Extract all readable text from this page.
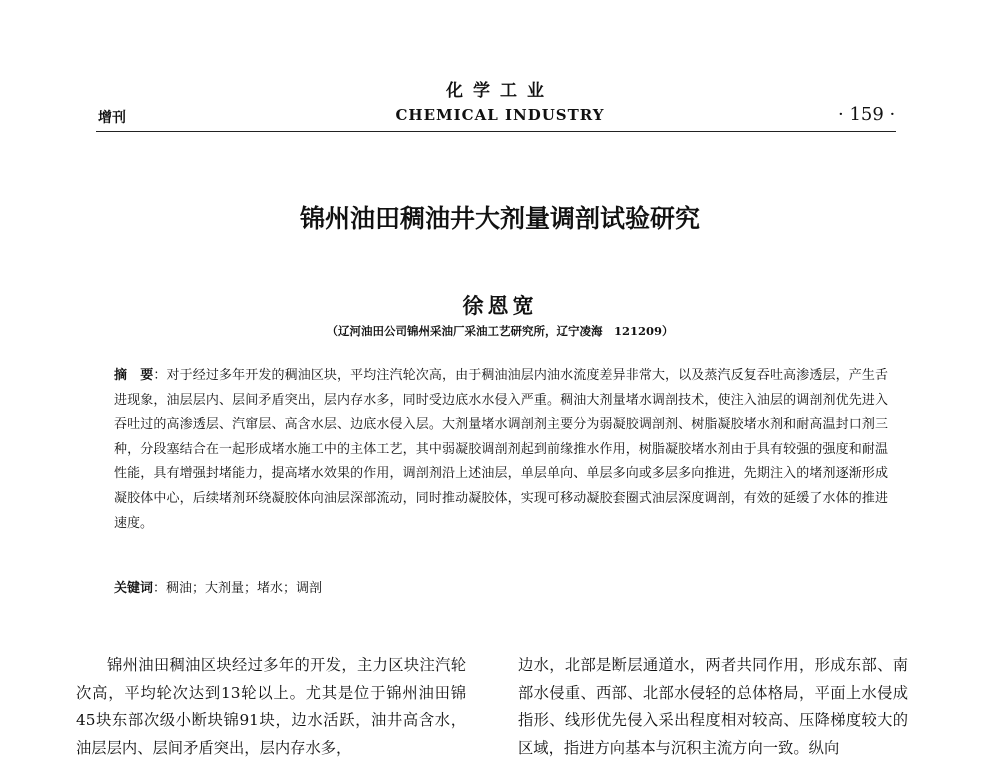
化学工业
增刊	CHEMICAL INDUSTRY	· 159 ·
锦州油田稠油井大剂量调剖试验研究
徐恩宽
（辽河油田公司锦州采油厂采油工艺研究所，辽宁凌海　121209）
摘　要：对于经过多年开发的稠油区块，平均注汽轮次高，由于稠油油层内油水流度差异非常大，以及蒸汽反复吞吐高渗透层，产生舌进现象，油层层内、层间矛盾突出，层内存水多，同时受边底水水侵入严重。稠油大剂量堵水调剖技术，使注入油层的调剖剂优先进入吞吐过的高渗透层、汽窜层、高含水层、边底水侵入层。大剂量堵水调剖剂主要分为弱凝胶调剖剂、树脂凝胶堵水剂和耐高温封口剂三种，分段塞结合在一起形成堵水施工中的主体工艺，其中弱凝胶调剖剂起到前缘推水作用，树脂凝胶堵水剂由于具有较强的强度和耐温性能，具有增强封堵能力，提高堵水效果的作用，调剖剂沿上述油层，单层单向、单层多向或多层多向推进，先期注入的堵剂逐渐形成凝胶体中心，后续堵剂环绕凝胶体向油层深部流动，同时推动凝胶体，实现可移动凝胶套圈式油层深度调剖，有效的延缓了水体的推进速度。
关键词：稠油；大剂量；堵水；调剖
锦州油田稠油区块经过多年的开发，主力区块注汽轮次高，平均轮次达到13轮以上。尤其是位于锦州油田锦45块东部次级小断块锦91块，边水活跃，油井高含水，油层层内、层间矛盾突出，层内存水多，
边水，北部是断层通道水，两者共同作用，形成东部、南部水侵重、西部、北部水侵轻的总体格局，平面上水侵成指形、线形优先侵入采出程度相对较高、压降梯度较大的区域，指进方向基本与沉积主流方向一致。纵向
